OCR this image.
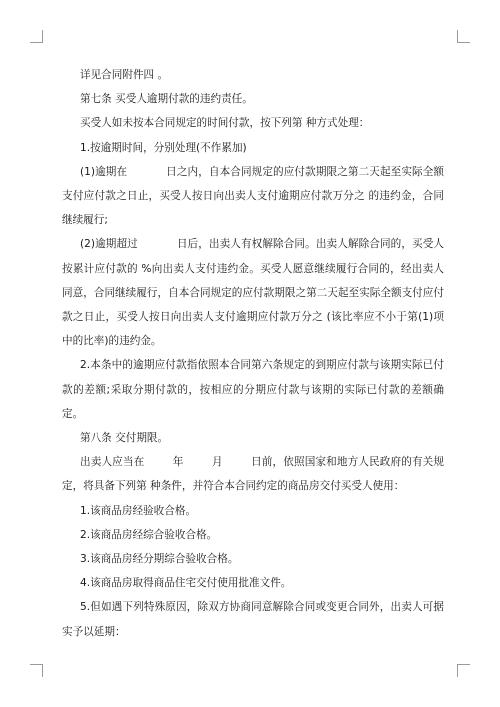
详见合同附件四 。

第七条 买受人逾期付款的违约责任。

买受人如未按本合同规定的时间付款，按下列第 种方式处理：

1.按逾期时间，分别处理(不作累加)

(1)逾期在 　　　 日之内，自本合同规定的应付款期限之第二天起至实际全额支付应付款之日止，买受人按日向出卖人支付逾期应付款万分之 的违约金，合同继续履行;

(2)逾期超过 　　　 日后，出卖人有权解除合同。出卖人解除合同的，买受人按累计应付款的 %向出卖人支付违约金。买受人愿意继续履行合同的，经出卖人同意，合同继续履行，自本合同规定的应付款期限之第二天起至实际全额支付应付款之日止，买受人按日向出卖人支付逾期应付款万分之 (该比率应不小于第(1)项中的比率)的违约金。

2.本条中的逾期应付款指依照本合同第六条规定的到期应付款与该期实际已付款的差额;采取分期付款的，按相应的分期应付款与该期的实际已付款的差额确定。

第八条 交付期限。

出卖人应当在 　　 年 　　 月 　　 日前，依照国家和地方人民政府的有关规定，将具备下列第 种条件，并符合本合同约定的商品房交付买受人使用：

1.该商品房经验收合格。

2.该商品房经综合验收合格。

3.该商品房经分期综合验收合格。

4.该商品房取得商品住宅交付使用批准文件。

5.但如遇下列特殊原因，除双方协商同意解除合同或变更合同外，出卖人可据实予以延期：
